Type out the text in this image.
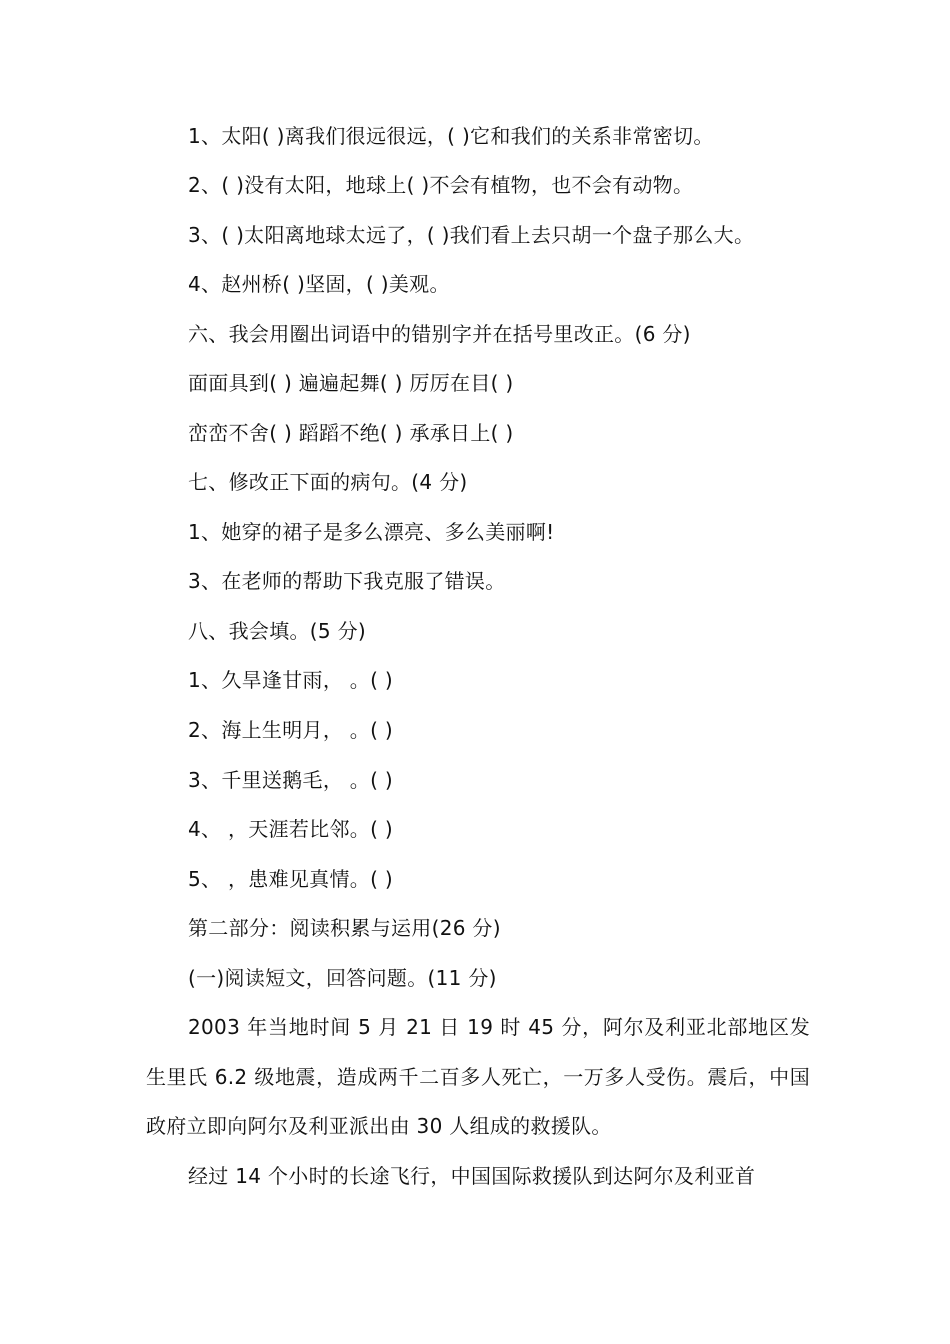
1、太阳( )离我们很远很远，( )它和我们的关系非常密切。
2、( )没有太阳，地球上( )不会有植物，也不会有动物。
3、( )太阳离地球太远了，( )我们看上去只胡一个盘子那么大。
4、赵州桥( )坚固，( )美观。
六、我会用圈出词语中的错别字并在括号里改正。(6 分)
面面具到( ) 遍遍起舞( ) 厉厉在目( )
峦峦不舍( ) 蹈蹈不绝( ) 承承日上( )
七、修改正下面的病句。(4 分)
1、她穿的裙子是多么漂亮、多么美丽啊!
3、在老师的帮助下我克服了错误。
八、我会填。(5 分)
1、久旱逢甘雨， 。( )
2、海上生明月， 。( )
3、千里送鹅毛， 。( )
4、 ，天涯若比邻。( )
5、 ，患难见真情。( )
第二部分：阅读积累与运用(26 分)
(一)阅读短文，回答问题。(11 分)
2003 年当地时间 5 月 21 日 19 时 45 分，阿尔及利亚北部地区发生里氏 6.2 级地震，造成两千二百多人死亡，一万多人受伤。震后，中国政府立即向阿尔及利亚派出由 30 人组成的救援队。
经过 14 个小时的长途飞行，中国国际救援队到达阿尔及利亚首
